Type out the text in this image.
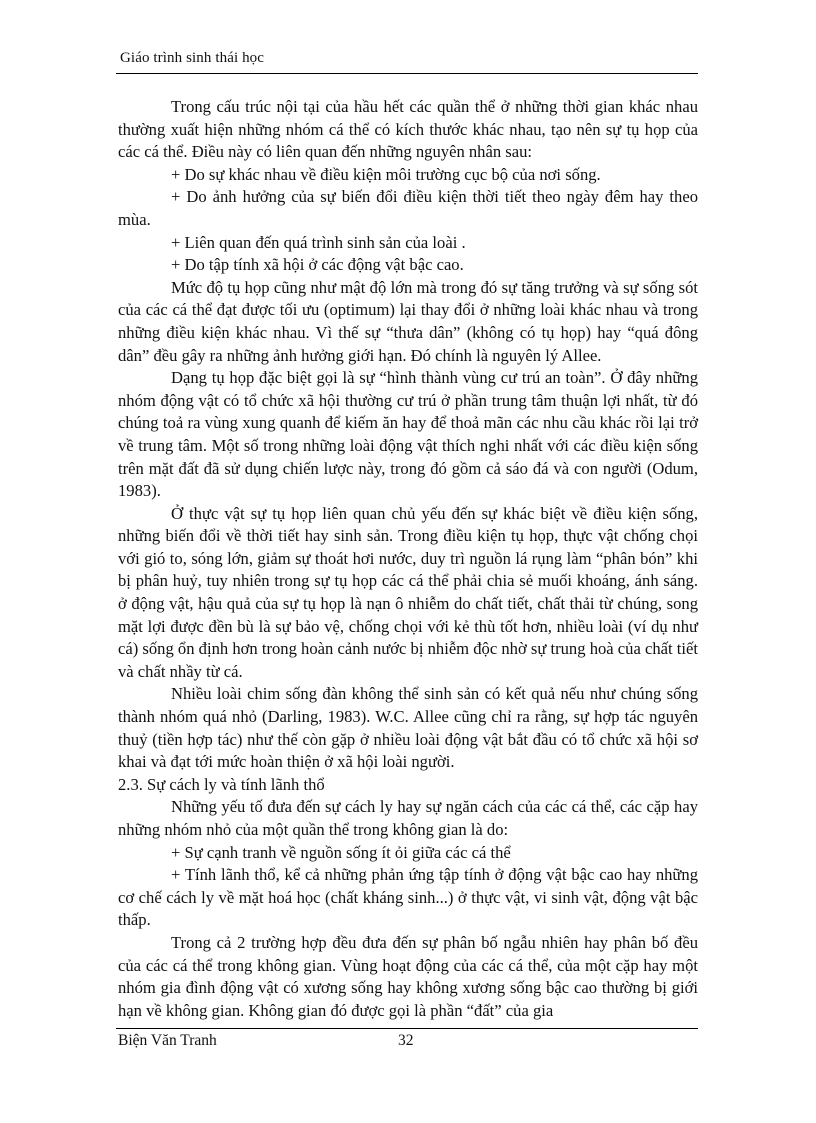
Giáo trình sinh thái học

Trong cấu trúc nội tại của hầu hết các quần thể ở những thời gian khác nhau thường xuất hiện những nhóm cá thể có kích thước khác nhau, tạo nên sự tụ họp của các cá thể. Điều này có liên quan đến những nguyên nhân sau:

+ Do sự khác nhau về điều kiện môi trường cục bộ của nơi sống.

+ Do ảnh hưởng của sự biến đổi điều kiện thời tiết theo ngày đêm hay theo mùa.

+ Liên quan đến quá trình sinh sản của loài .

+ Do tập tính xã hội ở các động vật bậc cao.

Mức độ tụ họp cũng như mật độ lớn mà trong đó sự tăng trưởng và sự sống sót của các cá thể đạt được tối ưu (optimum) lại thay đổi ở những loài khác nhau và trong những điều kiện khác nhau. Vì thế sự “thưa dân” (không có tụ họp) hay “quá đông dân” đều gây ra những ảnh hưởng giới hạn. Đó chính là nguyên lý Allee.

Dạng tụ họp đặc biệt gọi là sự “hình thành vùng cư trú an toàn”. Ở đây những nhóm động vật có tổ chức xã hội thường cư trú ở phần trung tâm thuận lợi nhất, từ đó chúng toả ra vùng xung quanh để kiếm ăn hay để thoả mãn các nhu cầu khác rồi lại trở về trung tâm. Một số trong những loài động vật thích nghi nhất với các điều kiện sống trên mặt đất đã sử dụng chiến lược này, trong đó gồm cả sáo đá và con người (Odum, 1983).

Ở thực vật sự tụ họp liên quan chủ yếu đến sự khác biệt về điều kiện sống, những biến đổi về thời tiết hay sinh sản. Trong điều kiện tụ họp, thực vật chống chọi với gió to, sóng lớn, giảm sự thoát hơi nước, duy trì nguồn lá rụng làm “phân bón” khi bị phân huỷ, tuy nhiên trong sự tụ họp các cá thể phải chia sẻ muối khoáng, ánh sáng. ở động vật, hậu quả của sự tụ họp là nạn ô nhiễm do chất tiết, chất thải từ chúng, song mặt lợi được đền bù là sự bảo vệ, chống chọi với kẻ thù tốt hơn, nhiều loài (ví dụ như cá) sống ổn định hơn trong hoàn cảnh nước bị nhiễm độc nhờ sự trung hoà của chất tiết và chất nhầy từ cá.

Nhiều loài chim sống đàn không thể sinh sản có kết quả nếu như chúng sống thành nhóm quá nhỏ (Darling, 1983). W.C. Allee cũng chỉ ra rằng, sự hợp tác nguyên thuỷ (tiền hợp tác) như thế còn gặp ở nhiều loài động vật bắt đầu có tổ chức xã hội sơ khai và đạt tới mức hoàn thiện ở xã hội loài người.

2.3. Sự cách ly và tính lãnh thổ

Những yếu tố đưa đến sự cách ly hay sự ngăn cách của các cá thể, các cặp hay những nhóm nhỏ của một quần thể trong không gian là do:

+ Sự cạnh tranh về nguồn sống ít ỏi giữa các cá thể

+ Tính lãnh thổ, kể cả những phản ứng tập tính ở động vật bậc cao hay những cơ chế cách ly về mặt hoá học (chất kháng sinh...) ở thực vật, vi sinh vật, động vật bậc thấp.

Trong cả 2 trường hợp đều đưa đến sự phân bố ngẫu nhiên hay phân bố đều của các cá thể trong không gian. Vùng hoạt động của các cá thể, của một cặp hay một nhóm gia đình động vật có xương sống hay không xương sống bậc cao thường bị giới hạn về không gian. Không gian đó được gọi là phần “đất” của gia

Biện Văn Tranh	32
